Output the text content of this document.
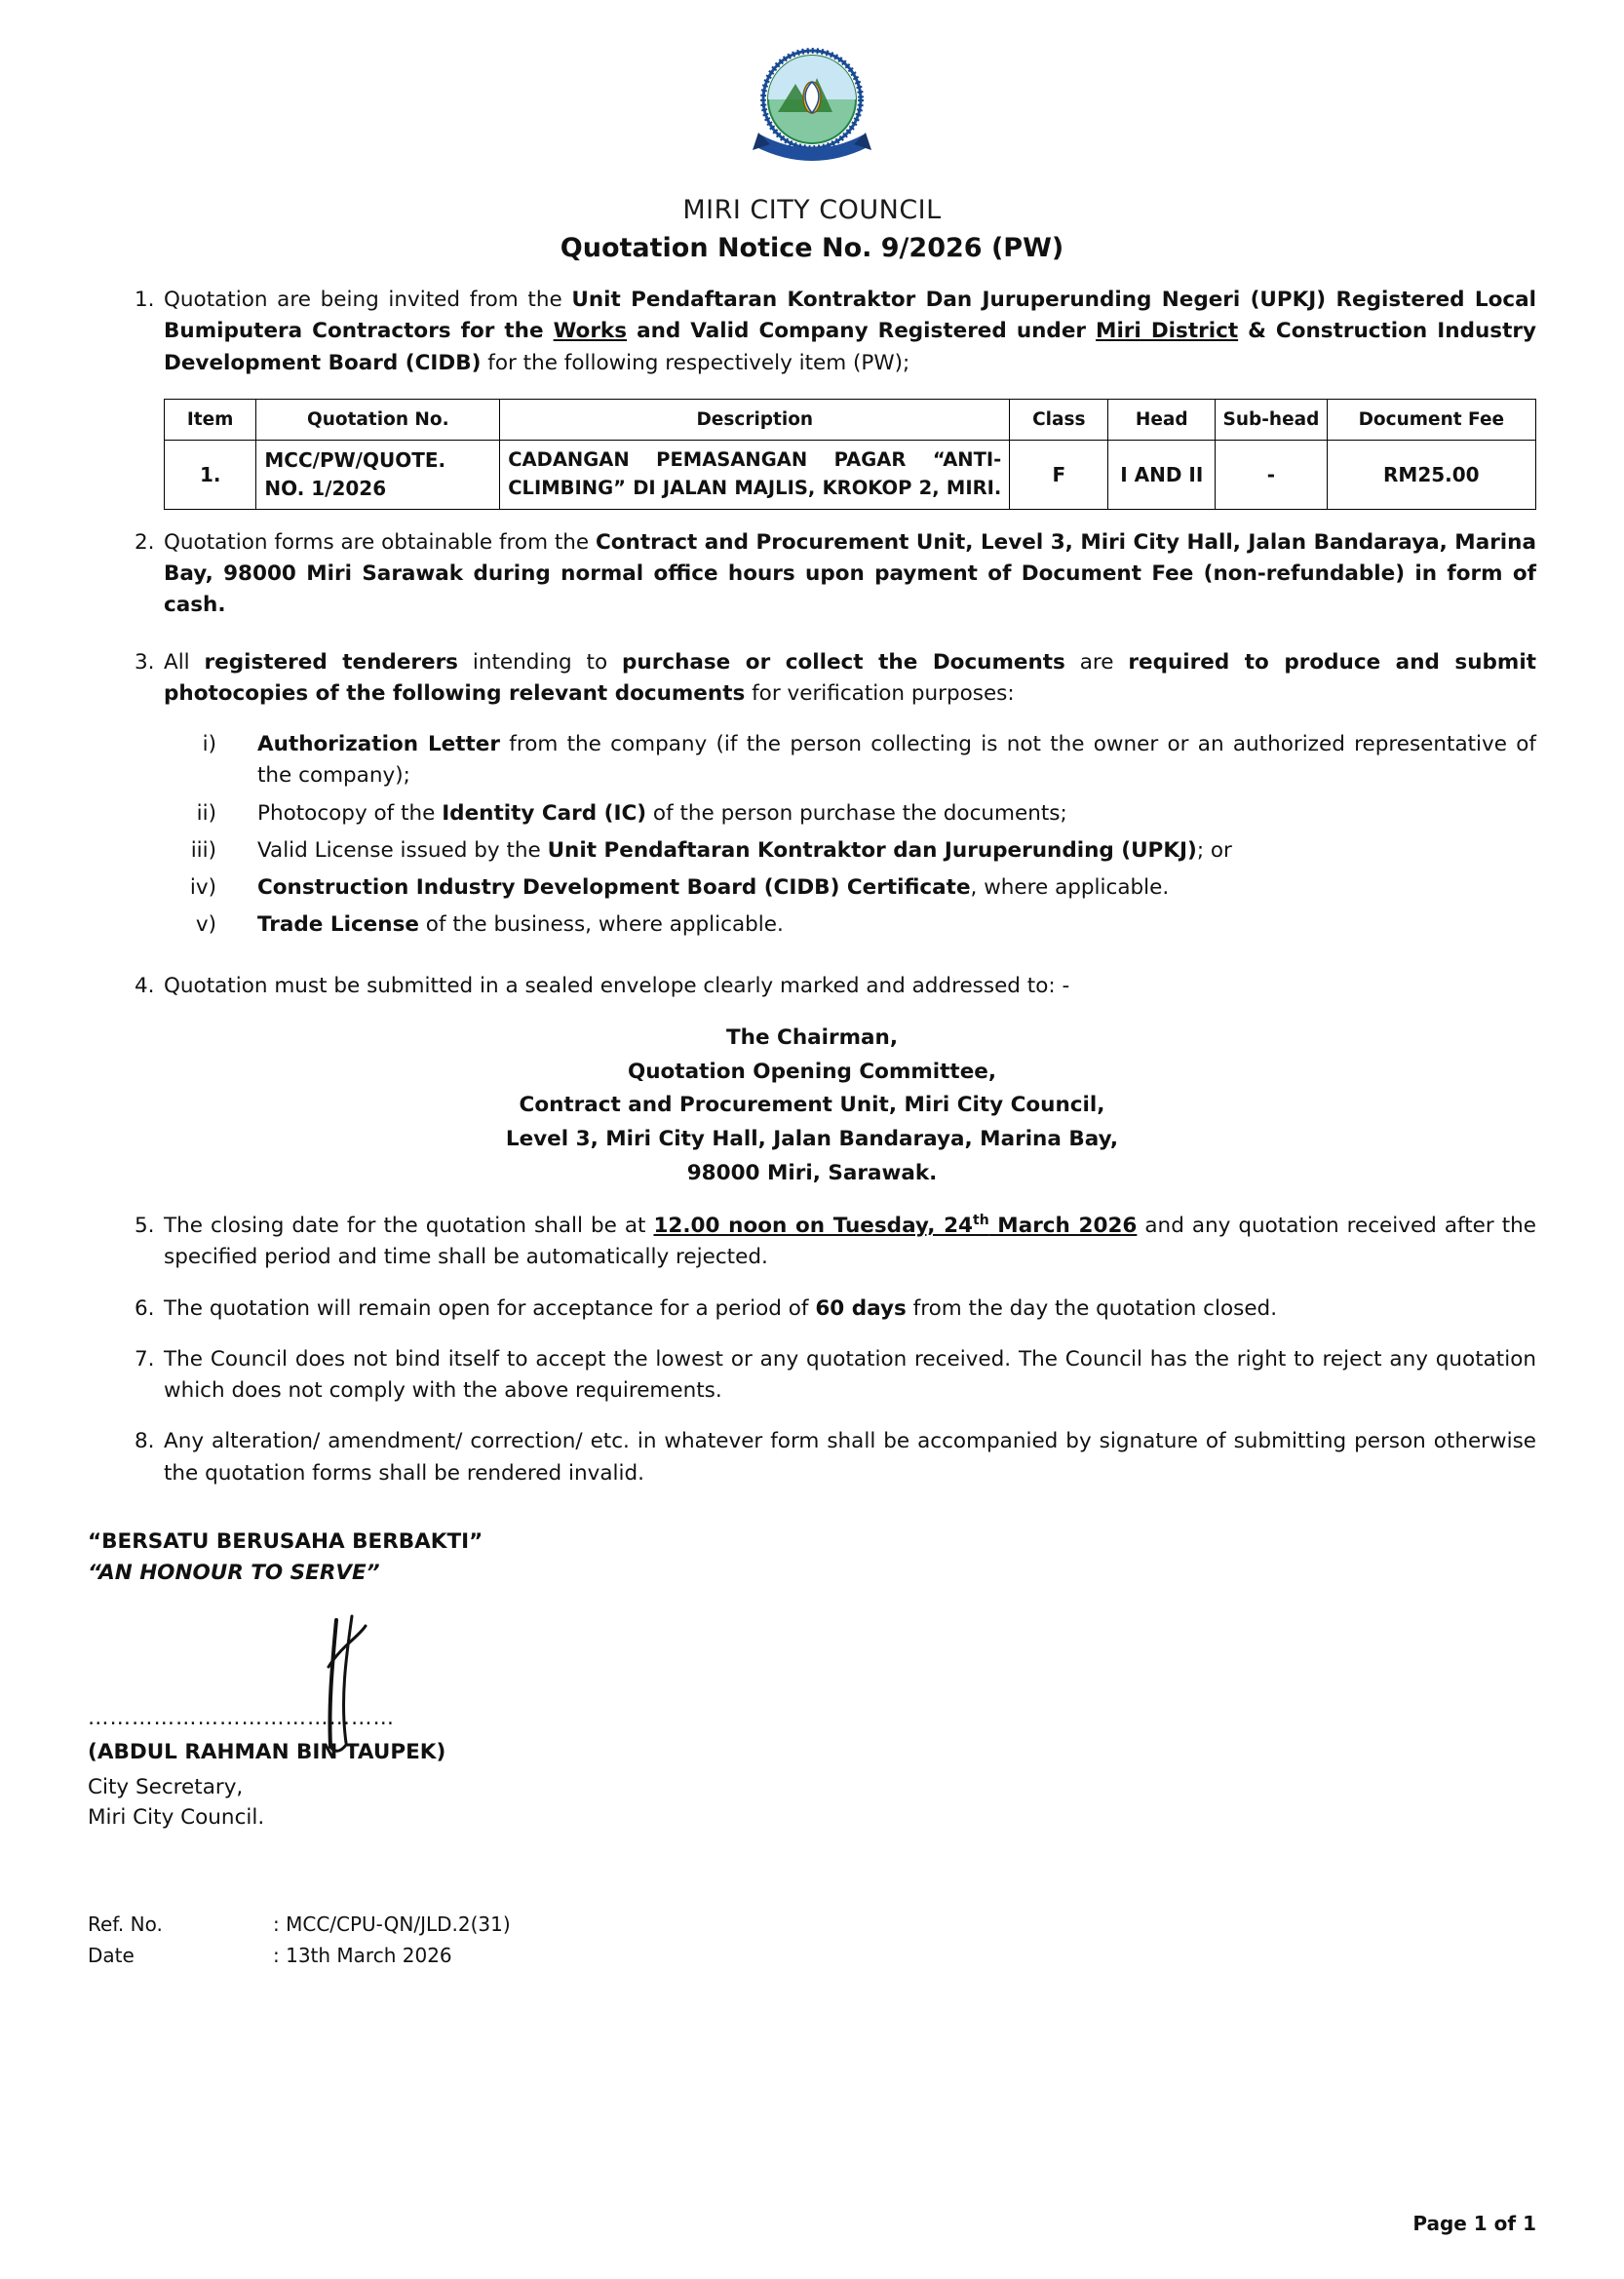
MIRI CITY COUNCIL
Quotation Notice No. 9/2026 (PW)
1. Quotation are being invited from the Unit Pendaftaran Kontraktor Dan Juruperunding Negeri (UPKJ) Registered Local Bumiputera Contractors for the Works and Valid Company Registered under Miri District & Construction Industry Development Board (CIDB) for the following respectively item (PW);
Item	Quotation No.	Description	Class	Head	Sub-head	Document Fee
1.	MCC/PW/QUOTE. NO. 1/2026	CADANGAN PEMASANGAN PAGAR “ANTI-CLIMBING” DI JALAN MAJLIS, KROKOP 2, MIRI.	F	I AND II	-	RM25.00
2. Quotation forms are obtainable from the Contract and Procurement Unit, Level 3, Miri City Hall, Jalan Bandaraya, Marina Bay, 98000 Miri Sarawak during normal office hours upon payment of Document Fee (non-refundable) in form of cash.
3. All registered tenderers intending to purchase or collect the Documents are required to produce and submit photocopies of the following relevant documents for verification purposes:
i)	Authorization Letter from the company (if the person collecting is not the owner or an authorized representative of the company);
ii)	Photocopy of the Identity Card (IC) of the person purchase the documents;
iii)	Valid License issued by the Unit Pendaftaran Kontraktor dan Juruperunding (UPKJ); or
iv)	Construction Industry Development Board (CIDB) Certificate, where applicable.
v)	Trade License of the business, where applicable.
4. Quotation must be submitted in a sealed envelope clearly marked and addressed to: -
The Chairman,
Quotation Opening Committee,
Contract and Procurement Unit, Miri City Council,
Level 3, Miri City Hall, Jalan Bandaraya, Marina Bay,
98000 Miri, Sarawak.
5. The closing date for the quotation shall be at 12.00 noon on Tuesday, 24th March 2026 and any quotation received after the specified period and time shall be automatically rejected.
6. The quotation will remain open for acceptance for a period of 60 days from the day the quotation closed.
7. The Council does not bind itself to accept the lowest or any quotation received. The Council has the right to reject any quotation which does not comply with the above requirements.
8. Any alteration/ amendment/ correction/ etc. in whatever form shall be accompanied by signature of submitting person otherwise the quotation forms shall be rendered invalid.
“BERSATU BERUSAHA BERBAKTI”
“AN HONOUR TO SERVE”
……………………………………
(ABDUL RAHMAN BIN TAUPEK)
City Secretary,
Miri City Council.
Ref. No.	: MCC/CPU-QN/JLD.2(31)
Date	: 13th March 2026
Page 1 of 1
